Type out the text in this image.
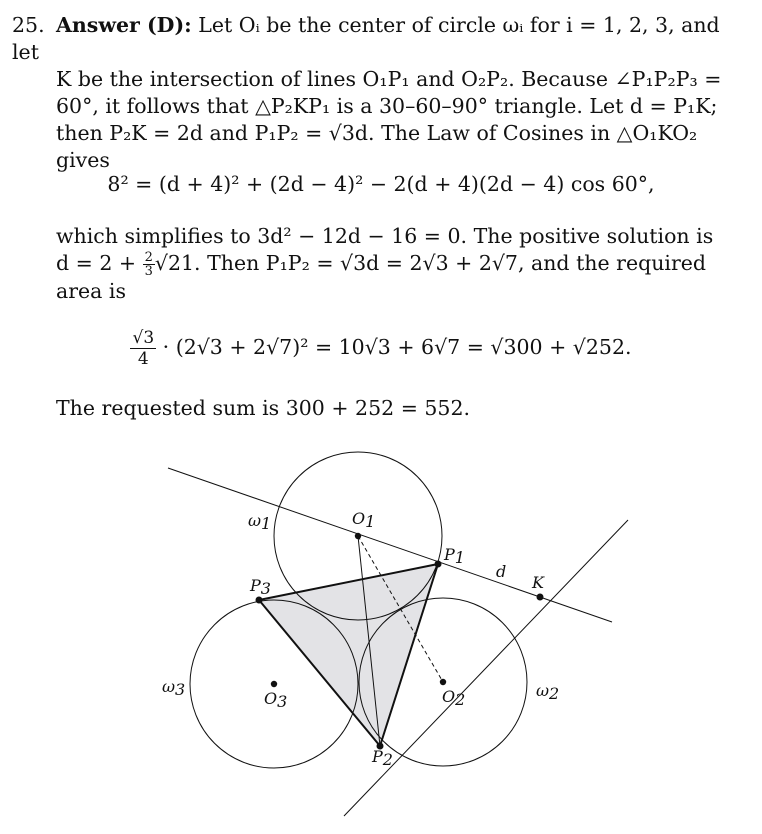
25. Answer (D): Let Oᵢ be the center of circle ωᵢ for i = 1, 2, 3, and let
K be the intersection of lines O₁P₁ and O₂P₂. Because ∠P₁P₂P₃ =
60°, it follows that △P₂KP₁ is a 30–60–90° triangle. Let d = P₁K;
then P₂K = 2d and P₁P₂ = √3d. The Law of Cosines in △O₁KO₂
gives
8² = (d + 4)² + (2d − 4)² − 2(d + 4)(2d − 4) cos 60°,
which simplifies to 3d² − 12d − 16 = 0. The positive solution is
$d = 2 + \frac{2}{3} √21$. Then P₁P₂ = √3d = 2√3 + 2√7, and the required
area is
$\frac{√3}{4} \cdot (2√3 + 2√7)^2 = 10√3 + 6√7 = √300 + √252$.
The requested sum is 300 + 252 = 552.
ω1
ω2
ω3
O1
P1
P3
P2
O2
O3
K
d
